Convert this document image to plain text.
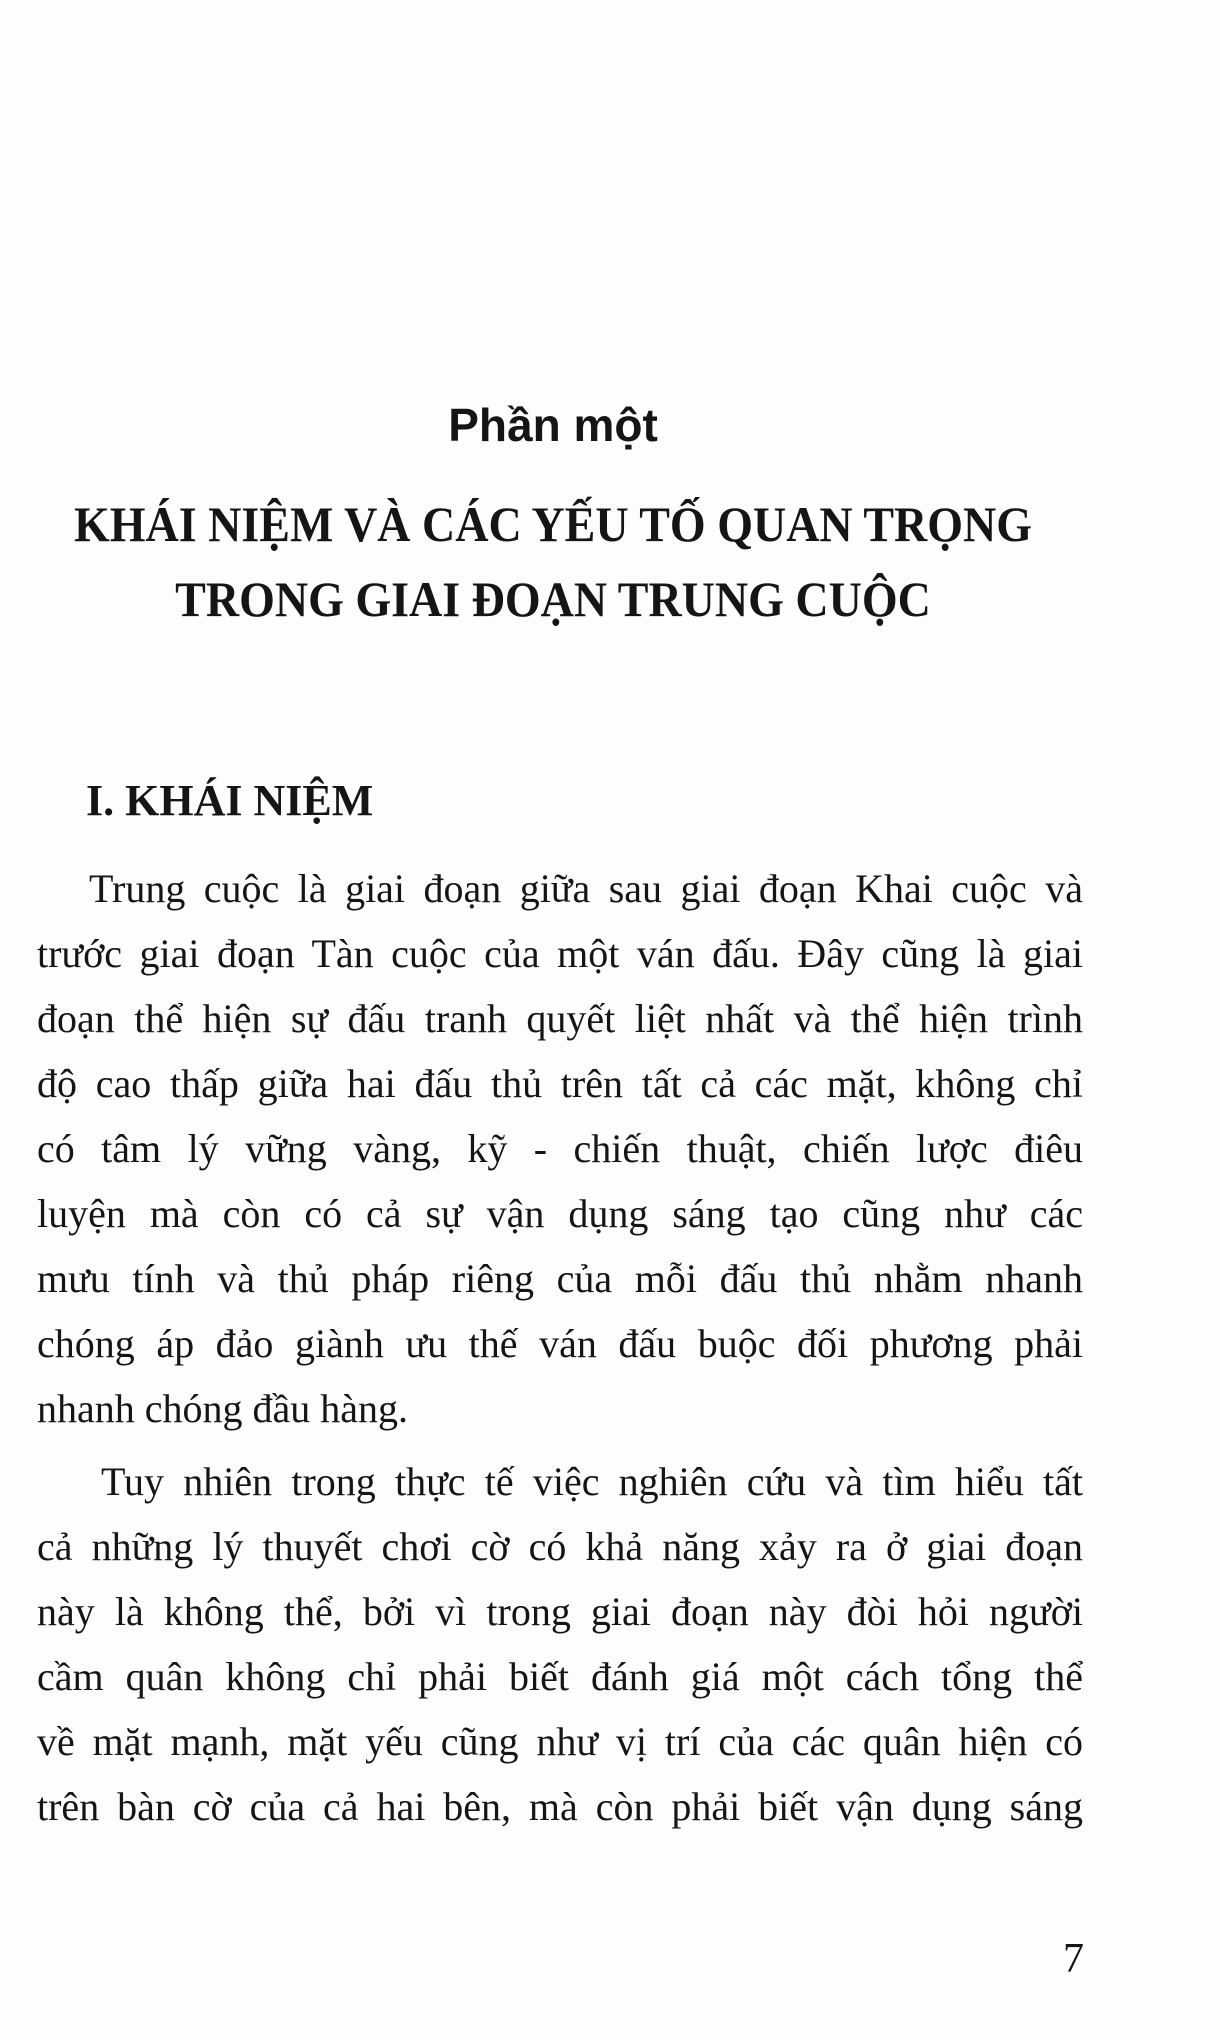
Phần một
KHÁI NIỆM VÀ CÁC YẾU TỐ QUAN TRỌNG
TRONG GIAI ĐOẠN TRUNG CUỘC
I. KHÁI NIỆM
Trung cuộc là giai đoạn giữa sau giai đoạn Khai cuộc và
trước giai đoạn Tàn cuộc của một ván đấu. Đây cũng là giai
đoạn thể hiện sự đấu tranh quyết liệt nhất và thể hiện trình
độ cao thấp giữa hai đấu thủ trên tất cả các mặt, không chỉ
có tâm lý vững vàng, kỹ - chiến thuật, chiến lược điêu
luyện mà còn có cả sự vận dụng sáng tạo cũng như các
mưu tính và thủ pháp riêng của mỗi đấu thủ nhằm nhanh
chóng áp đảo giành ưu thế ván đấu buộc đối phương phải
nhanh chóng đầu hàng.
Tuy nhiên trong thực tế việc nghiên cứu và tìm hiểu tất
cả những lý thuyết chơi cờ có khả năng xảy ra ở giai đoạn
này là không thể, bởi vì trong giai đoạn này đòi hỏi người
cầm quân không chỉ phải biết đánh giá một cách tổng thể
về mặt mạnh, mặt yếu cũng như vị trí của các quân hiện có
trên bàn cờ của cả hai bên, mà còn phải biết vận dụng sáng
7
